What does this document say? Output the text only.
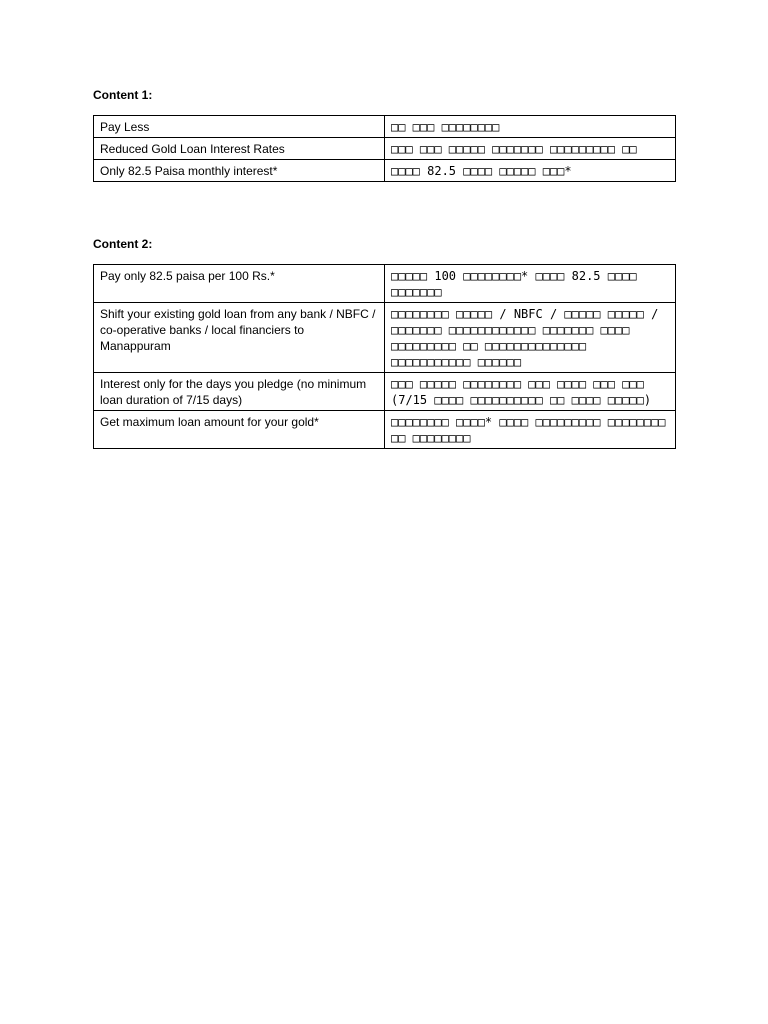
Content 1:

Pay Less	□□ □□□ □□□□□□□□
Reduced Gold Loan Interest Rates	□□□ □□□ □□□□□ □□□□□□□ □□□□□□□□□ □□
Only 82.5 Paisa monthly interest*	□□□□ 82.5 □□□□ □□□□□ □□□*

Content 2:

Pay only 82.5 paisa per 100 Rs.*	□□□□□ 100 □□□□□□□□* □□□□ 82.5 □□□□ □□□□□□□
Shift your existing gold loan from any bank / NBFC / co-operative banks / local financiers to Manappuram	□□□□□□□□ □□□□□ / NBFC / □□□□□ □□□□□ / □□□□□□□ □□□□□□□□□□□□ □□□□□□□ □□□□ □□□□□□□□□ □□ □□□□□□□□□□□□□□ □□□□□□□□□□□ □□□□□□
Interest only for the days you pledge (no minimum loan duration of 7/15 days)	□□□ □□□□□ □□□□□□□□ □□□ □□□□ □□□ □□□ (7/15 □□□□ □□□□□□□□□□ □□ □□□□ □□□□□)
Get maximum loan amount for your gold*	□□□□□□□□ □□□□* □□□□ □□□□□□□□□ □□□□□□□□ □□ □□□□□□□□
